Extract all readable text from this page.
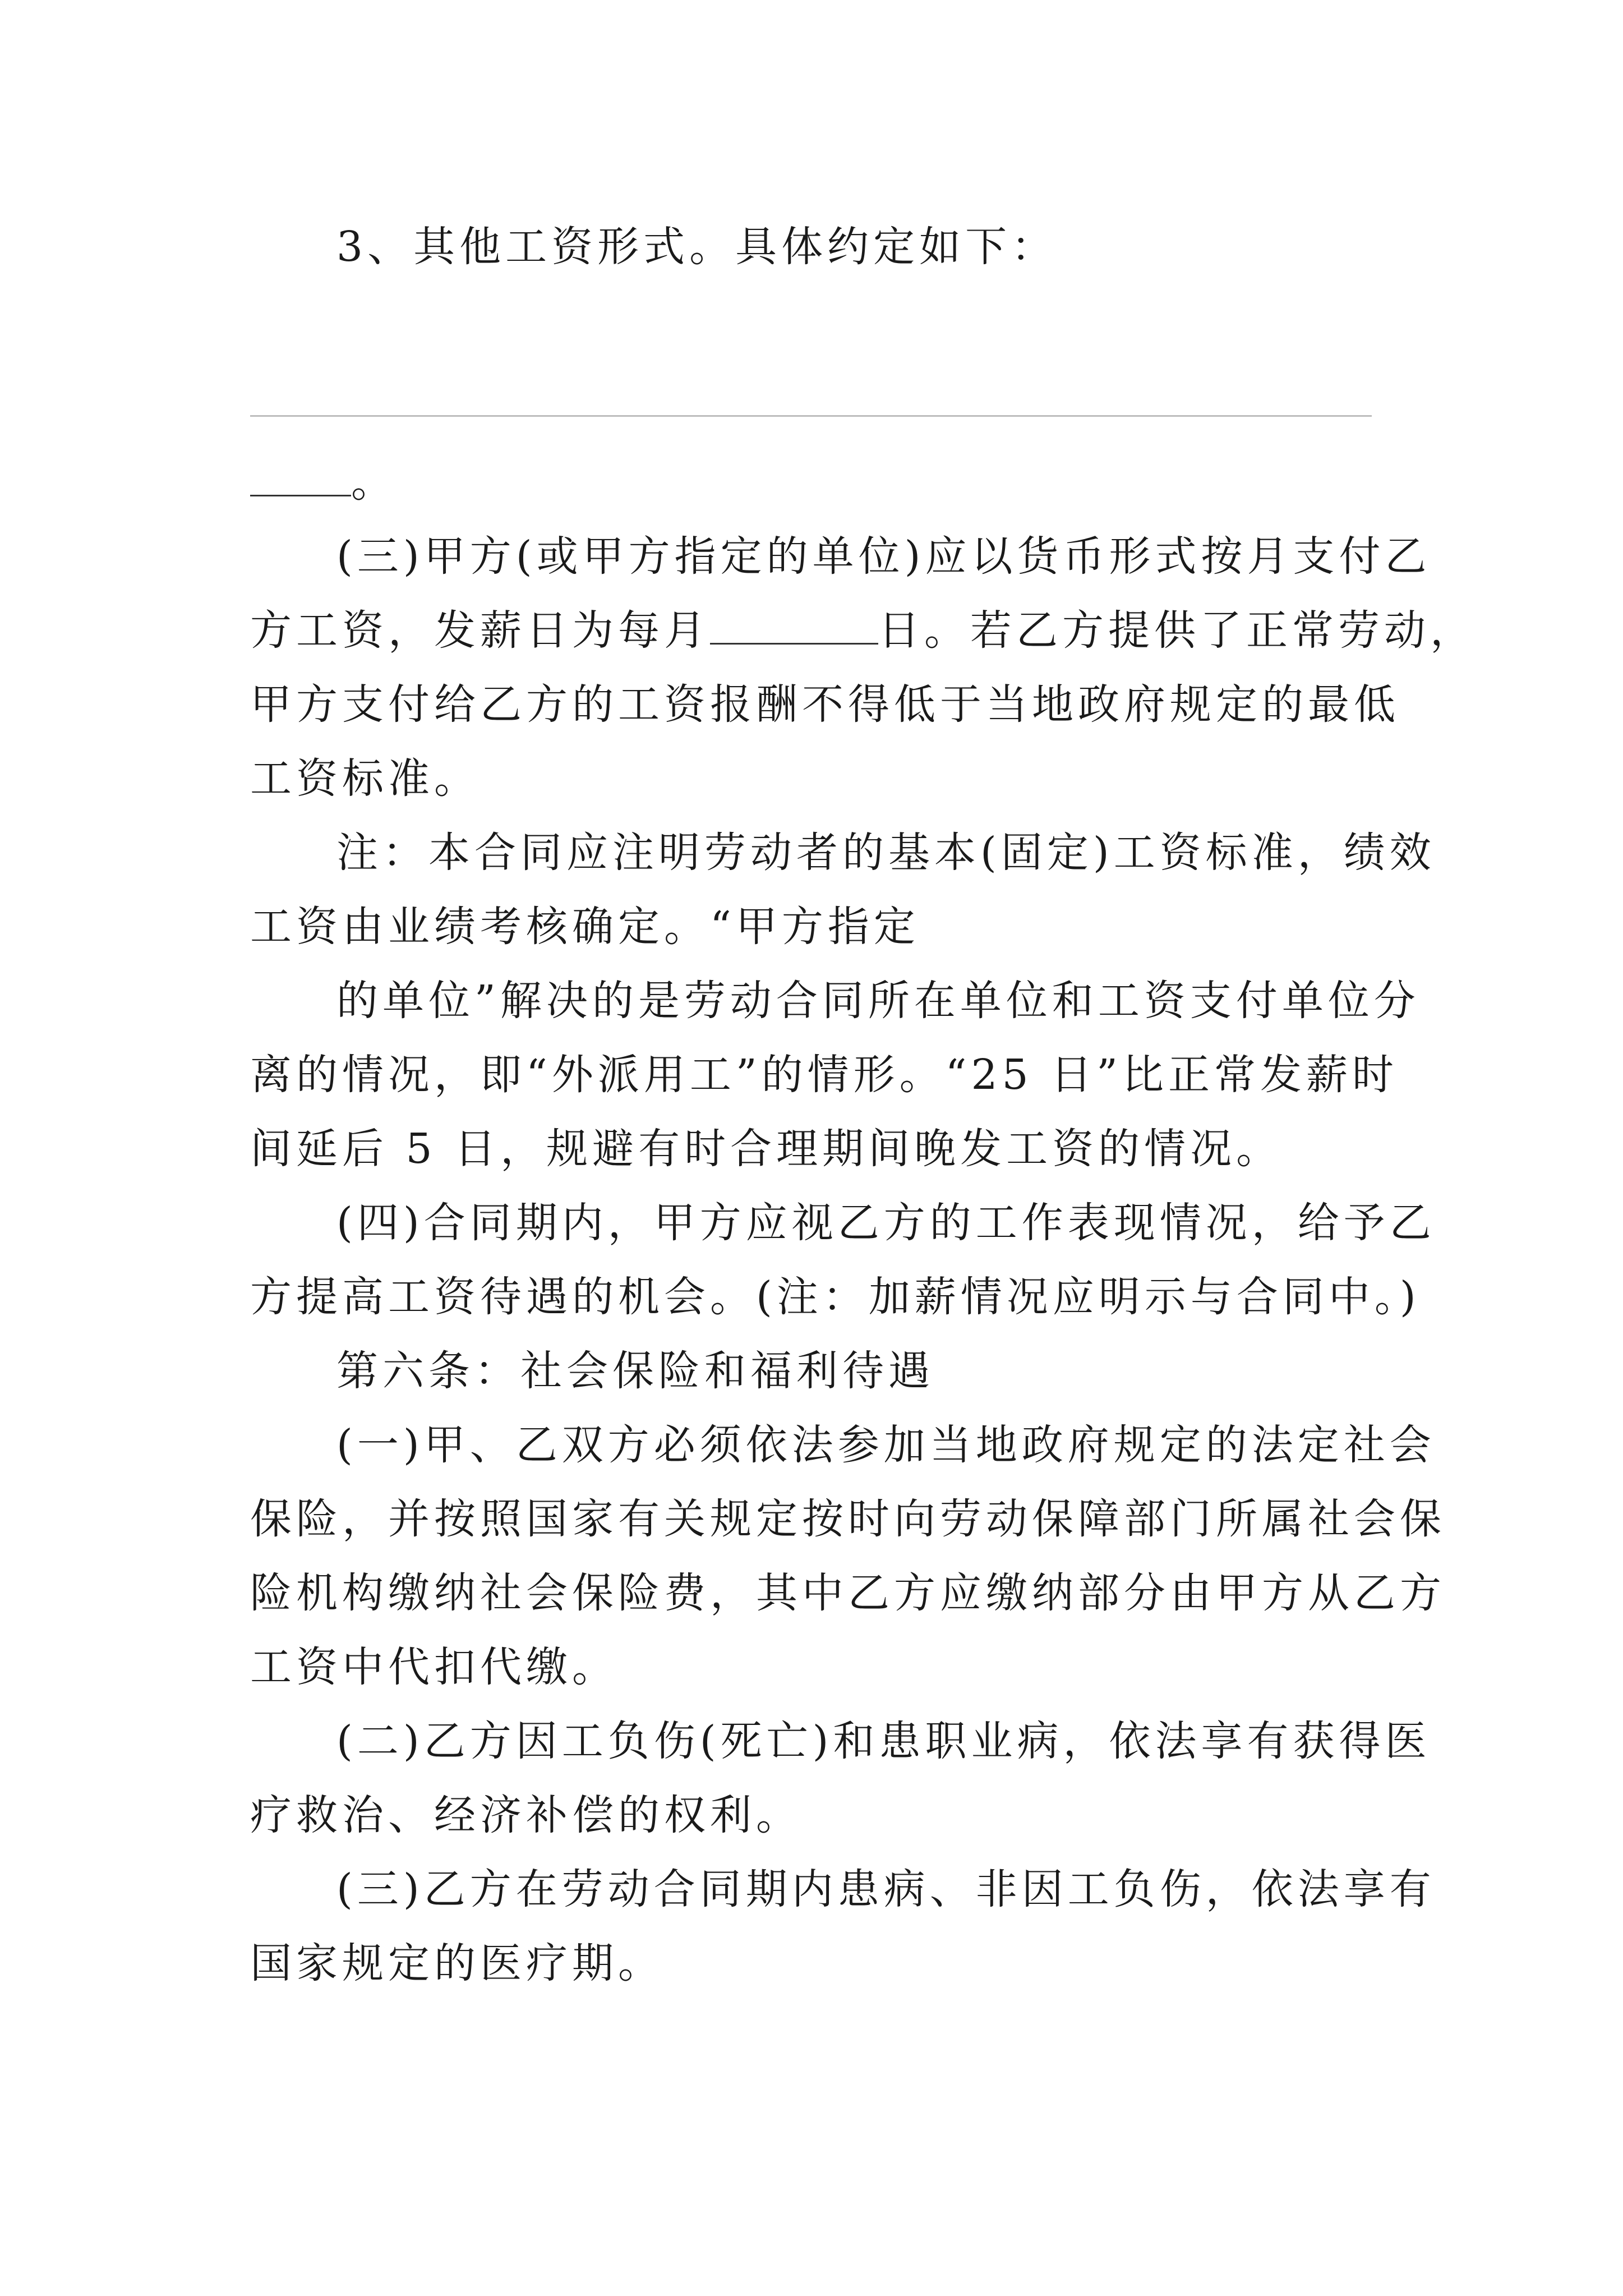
3、其他工资形式。具体约定如下：
。
(三)甲方(或甲方指定的单位)应以货币形式按月支付乙
方工资，发薪日为每月	日。若乙方提供了正常劳动，
甲方支付给乙方的工资报酬不得低于当地政府规定的最低
工资标准。
注：本合同应注明劳动者的基本(固定)工资标准，绩效
工资由业绩考核确定。“甲方指定
的单位”解决的是劳动合同所在单位和工资支付单位分
离的情况，即“外派用工”的情形。“25 日”比正常发薪时
间延后 5 日，规避有时合理期间晚发工资的情况。
(四)合同期内，甲方应视乙方的工作表现情况，给予乙
方提高工资待遇的机会。(注：加薪情况应明示与合同中。)
第六条：社会保险和福利待遇
(一)甲、乙双方必须依法参加当地政府规定的法定社会
保险，并按照国家有关规定按时向劳动保障部门所属社会保
险机构缴纳社会保险费，其中乙方应缴纳部分由甲方从乙方
工资中代扣代缴。
(二)乙方因工负伤(死亡)和患职业病，依法享有获得医
疗救治、经济补偿的权利。
(三)乙方在劳动合同期内患病、非因工负伤，依法享有
国家规定的医疗期。
